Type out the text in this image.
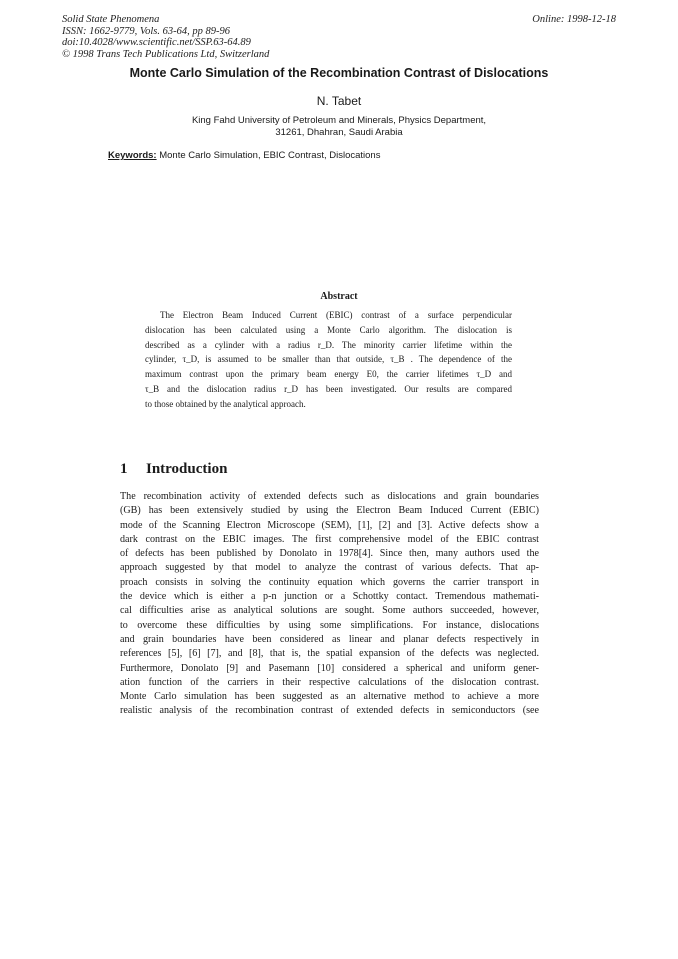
Solid State Phenomena
ISSN: 1662-9779, Vols. 63-64, pp 89-96
doi:10.4028/www.scientific.net/SSP.63-64.89
© 1998 Trans Tech Publications Ltd, Switzerland
Online: 1998-12-18
Monte Carlo Simulation of the Recombination Contrast of Dislocations
N. Tabet
King Fahd University of Petroleum and Minerals, Physics Department,
31261, Dhahran, Saudi Arabia
Keywords: Monte Carlo Simulation, EBIC Contrast, Dislocations
Abstract
The Electron Beam Induced Current (EBIC) contrast of a surface perpendicular
dislocation has been calculated using a Monte Carlo algorithm. The dislocation is
described as a cylinder with a radius r_D. The minority carrier lifetime within the
cylinder, τ_D, is assumed to be smaller than that outside, τ_B . The dependence of the
maximum contrast upon the primary beam energy E0, the carrier lifetimes τ_D and
τ_B and the dislocation radius r_D has been investigated. Our results are compared
to those obtained by the analytical approach.
1 Introduction
The recombination activity of extended defects such as dislocations and grain boundaries
(GB) has been extensively studied by using the Electron Beam Induced Current (EBIC)
mode of the Scanning Electron Microscope (SEM), [1], [2] and [3]. Active defects show a
dark contrast on the EBIC images. The first comprehensive model of the EBIC contrast
of defects has been published by Donolato in 1978[4]. Since then, many authors used the
approach suggested by that model to analyze the contrast of various defects. That ap-
proach consists in solving the continuity equation which governs the carrier transport in
the device which is either a p-n junction or a Schottky contact. Tremendous mathemati-
cal difficulties arise as analytical solutions are sought. Some authors succeeded, however,
to overcome these difficulties by using some simplifications. For instance, dislocations
and grain boundaries have been considered as linear and planar defects respectively in
references [5], [6] [7], and [8], that is, the spatial expansion of the defects was neglected.
Furthermore, Donolato [9] and Pasemann [10] considered a spherical and uniform gener-
ation function of the carriers in their respective calculations of the dislocation contrast.
Monte Carlo simulation has been suggested as an alternative method to achieve a more
realistic analysis of the recombination contrast of extended defects in semiconductors (see
